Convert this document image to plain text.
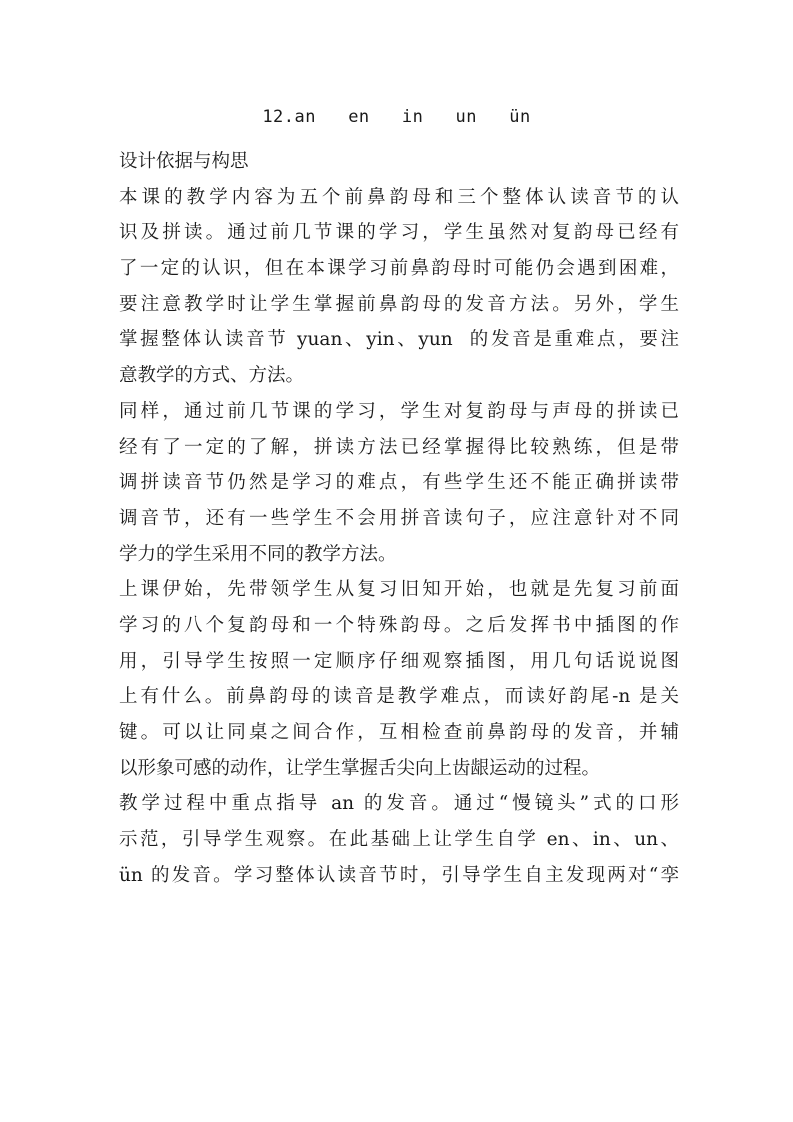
12.an   en   in   un   ün
设计依据与构思
本课的教学内容为五个前鼻韵母和三个整体认读音节的认
识及拼读。通过前几节课的学习，学生虽然对复韵母已经有
了一定的认识，但在本课学习前鼻韵母时可能仍会遇到困难，
要注意教学时让学生掌握前鼻韵母的发音方法。另外，学生
掌握整体认读音节 yuan、yin、yun  的发音是重难点，要注
意教学的方式、方法。
同样，通过前几节课的学习，学生对复韵母与声母的拼读已
经有了一定的了解，拼读方法已经掌握得比较熟练，但是带
调拼读音节仍然是学习的难点，有些学生还不能正确拼读带
调音节，还有一些学生不会用拼音读句子，应注意针对不同
学力的学生采用不同的教学方法。
上课伊始，先带领学生从复习旧知开始，也就是先复习前面
学习的八个复韵母和一个特殊韵母。之后发挥书中插图的作
用，引导学生按照一定顺序仔细观察插图，用几句话说说图
上有什么。前鼻韵母的读音是教学难点，而读好韵尾-n 是关
键。可以让同桌之间合作，互相检查前鼻韵母的发音，并辅
以形象可感的动作，让学生掌握舌尖向上齿龈运动的过程。
教学过程中重点指导 an 的发音。通过“慢镜头”式的口形
示范，引导学生观察。在此基础上让学生自学 en、in、un、
ün 的发音。学习整体认读音节时，引导学生自主发现两对“孪
